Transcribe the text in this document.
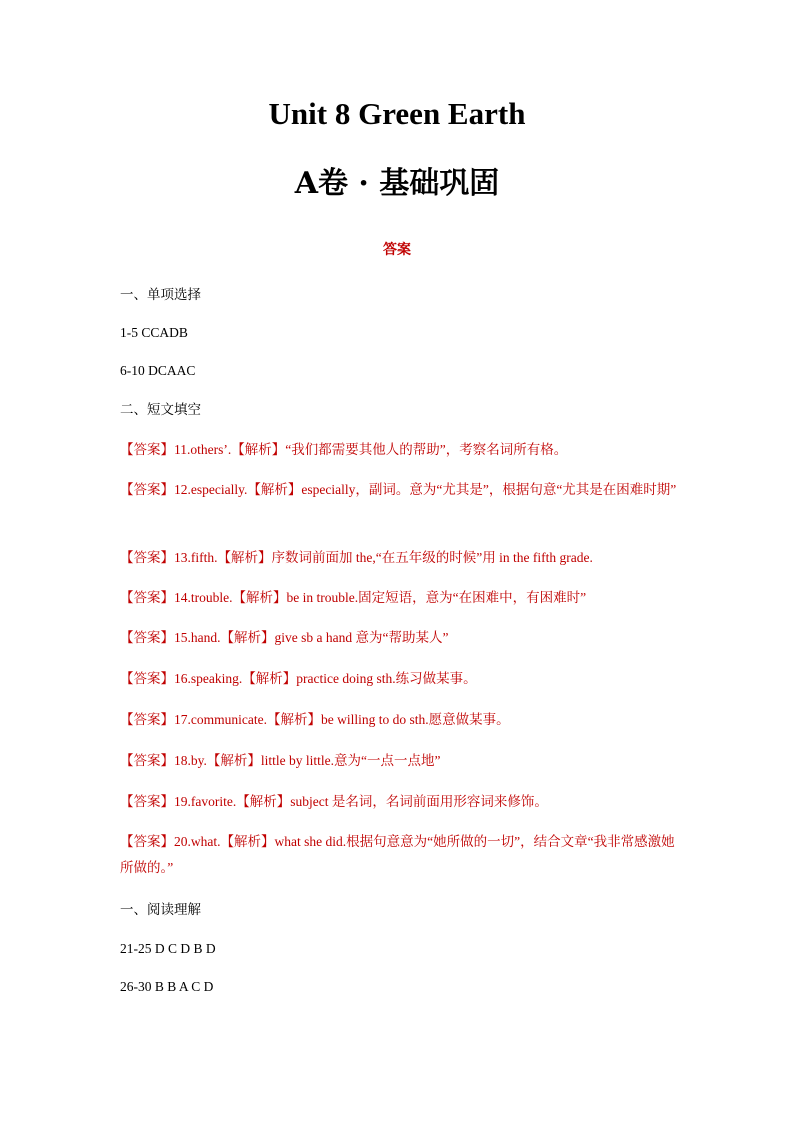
Unit 8 Green Earth
A卷 · 基础巩固
答案
一、单项选择
1-5 CCADB
6-10 DCAAC
二、短文填空
【答案】11.others’.【解析】“我们都需要其他人的帮助”，考察名词所有格。
【答案】12.especially.【解析】especially，副词。意为“尤其是”，根据句意“尤其是在困难时期”
【答案】13.fifth.【解析】序数词前面加 the,“在五年级的时候”用 in the fifth grade.
【答案】14.trouble.【解析】be in trouble.固定短语，意为“在困难中，有困难时”
【答案】15.hand.【解析】give sb a hand 意为“帮助某人”
【答案】16.speaking.【解析】practice doing sth.练习做某事。
【答案】17.communicate.【解析】be willing to do sth.愿意做某事。
【答案】18.by.【解析】little by little.意为“一点一点地”
【答案】19.favorite.【解析】subject 是名词，名词前面用形容词来修饰。
【答案】20.what.【解析】what she did.根据句意意为“她所做的一切”，结合文章“我非常感激她所做的。”
一、阅读理解
21-25 D C D B D
26-30 B B A C D
